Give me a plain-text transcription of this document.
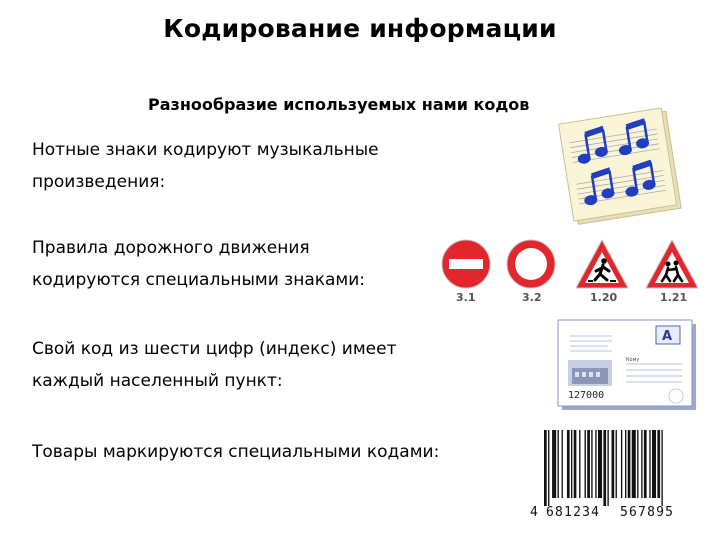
Кодирование информации
Разнообразие используемых нами кодов
Нотные знаки кодируют музыкальные
произведения:
Правила дорожного движения
кодируются специальными знаками:
Свой код из шести цифр (индекс) имеет
каждый населенный пункт:
Товары маркируются специальными кодами:
3.1	3.2	1.20	1.21
А
Кому
127000
4 681234 567895
